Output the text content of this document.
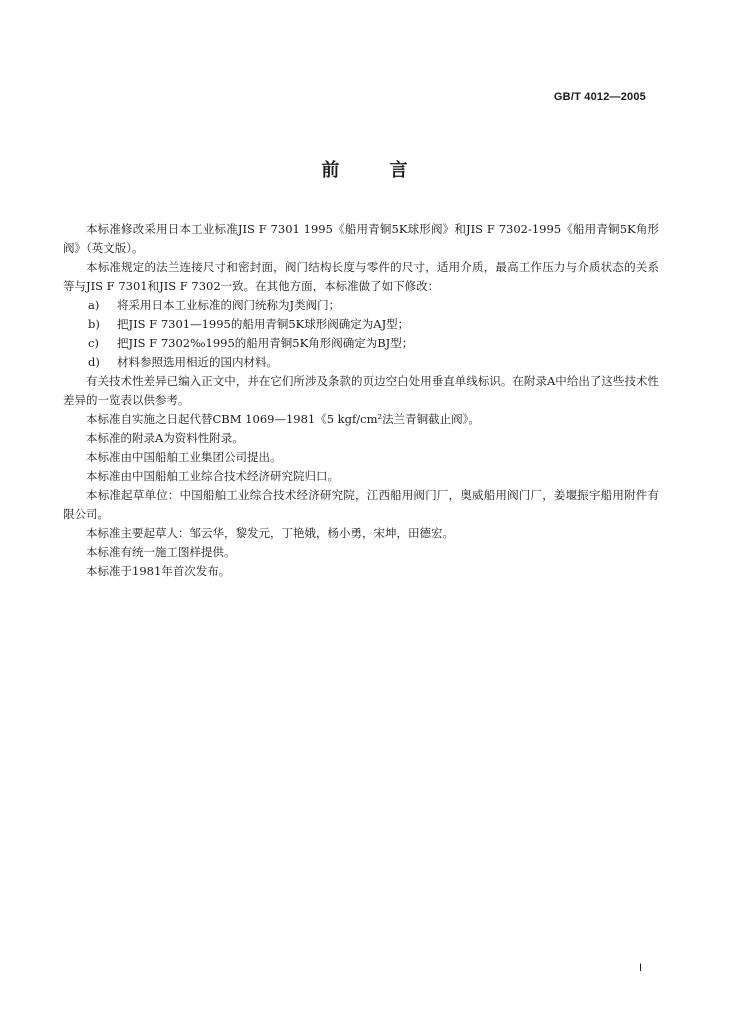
GB/T 4012—2005
前 言

本标准修改采用日本工业标准JIS F 7301 1995《船用青铜5K球形阀》和JIS F 7302-1995《船用青铜5K角形阀》（英文版）。

本标准规定的法兰连接尺寸和密封面，阀门结构长度与零件的尺寸，适用介质，最高工作压力与介质状态的关系等与JIS F 7301和JIS F 7302一致。在其他方面，本标准做了如下修改：

a)	将采用日本工业标准的阀门统称为J类阀门；
b)	把JIS F 7301—1995的船用青铜5K球形阀确定为AJ型；
c)	把JIS F 7302‰1995的船用青铜5K角形阀确定为BJ型；
d)	材料参照选用相近的国内材料。

有关技术性差异已编入正文中，并在它们所涉及条款的页边空白处用垂直单线标识。在附录A中给出了这些技术性差异的一览表以供参考。

本标准自实施之日起代替CBM 1069—1981《5 kgf/cm²法兰青铜截止阀》。

本标准的附录A为资料性附录。

本标准由中国船舶工业集团公司提出。

本标准由中国船舶工业综合技术经济研究院归口。

本标准起草单位：中国船舶工业综合技术经济研究院，江西船用阀门厂，奥威船用阀门厂，姜堰振宇船用附件有限公司。

本标准主要起草人：邹云华，黎发元，丁艳娥，杨小勇，宋坤，田德宏。

本标准有统一施工图样提供。

本标准于1981年首次发布。

I
